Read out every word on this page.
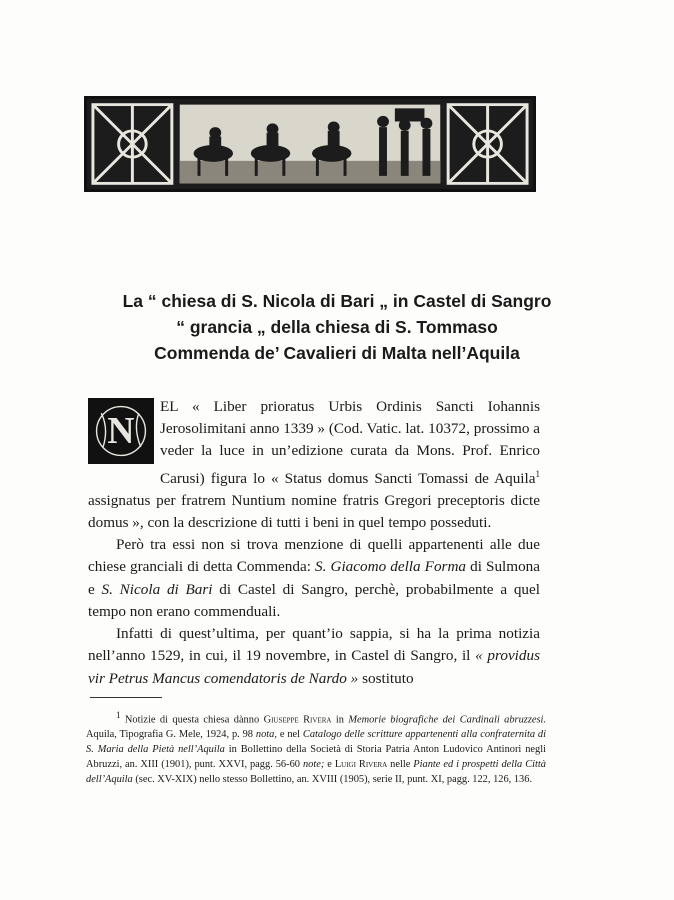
La “ chiesa di S. Nicola di Bari „ in Castel di Sangro
“ grancia „ della chiesa di S. Tommaso
Commenda de’ Cavalieri di Malta nell’Aquila

N
EL « Liber prioratus Urbis Ordinis Sancti Iohannis Jerosolimitani anno 1339 » (Cod. Vatic. lat. 10372, prossimo a veder la luce in un’edizione curata da Mons. Prof. Enrico Carusi) figura lo « Status domus Sancti Tomassi de Aquila$^1$ assignatus per fratrem Nuntium nomine fratris Gregori preceptoris dicte domus », con la descrizione di tutti i beni in quel tempo posseduti.

Però tra essi non si trova menzione di quelli appartenenti alle due chiese granciali di detta Commenda: S. Giacomo della Forma di Sulmona e S. Nicola di Bari di Castel di Sangro, perchè, probabilmente a quel tempo non erano commenduali.

Infatti di quest’ultima, per quant’io sappia, si ha la prima notizia nell’anno 1529, in cui, il 19 novembre, in Castel di Sangro, il « providus vir Petrus Mancus comendatoris de Nardo » sostituto

$^1$ Notizie di questa chiesa dànno Giuseppe Rivera in Memorie biografiche dei Cardinali abruzzesi. Aquila, Tipografia G. Mele, 1924, p. 98 nota, e nel Catalogo delle scritture appartenenti alla confraternita di S. Maria della Pietà nell’Aquila in Bollettino della Società di Storia Patria Anton Ludovico Antinori negli Abruzzi, an. XIII (1901), punt. XXVI, pagg. 56-60 note; e Luigi Rivera nelle Piante ed i prospetti della Città dell’Aquila (sec. XV-XIX) nello stesso Bollettino, an. XVIII (1905), serie II, punt. XI, pagg. 122, 126, 136.
